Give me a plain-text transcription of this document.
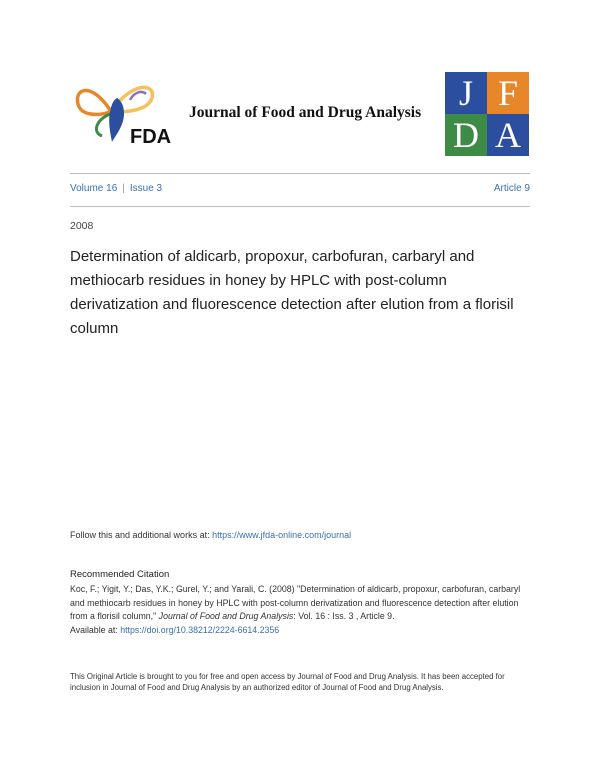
FDA
Journal of Food and Drug Analysis	J F
D A
Volume 16 | Issue 3	Article 9
2008
Determination of aldicarb, propoxur, carbofuran, carbaryl and methiocarb residues in honey by HPLC with post-column derivatization and fluorescence detection after elution from a florisil column
Follow this and additional works at: https://www.jfda-online.com/journal
Recommended Citation
Koc, F.; Yigit, Y.; Das, Y.K.; Gurel, Y.; and Yarali, C. (2008) "Determination of aldicarb, propoxur, carbofuran, carbaryl and methiocarb residues in honey by HPLC with post-column derivatization and fluorescence detection after elution from a florisil column," Journal of Food and Drug Analysis: Vol. 16 : Iss. 3 , Article 9.
Available at: https://doi.org/10.38212/2224-6614.2356
This Original Article is brought to you for free and open access by Journal of Food and Drug Analysis. It has been accepted for inclusion in Journal of Food and Drug Analysis by an authorized editor of Journal of Food and Drug Analysis.
